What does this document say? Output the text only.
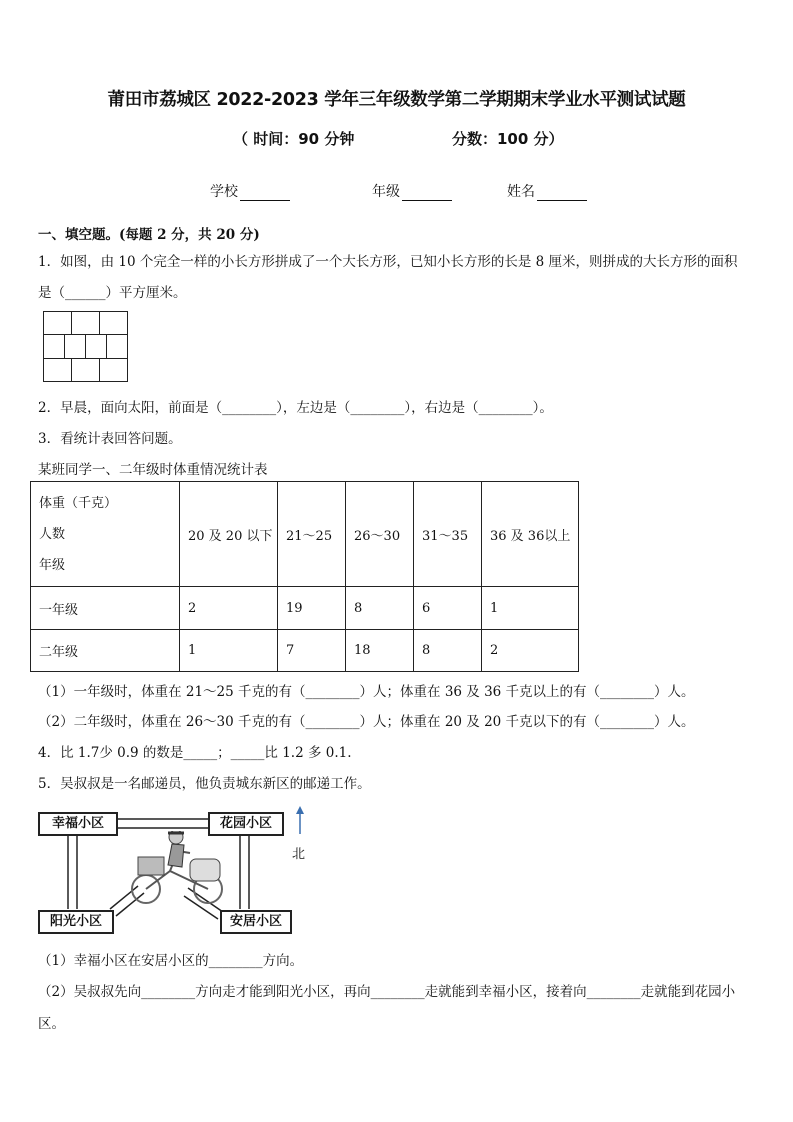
莆田市荔城区 2022-2023 学年三年级数学第二学期期末学业水平测试试题
（ 时间：90 分钟	分数：100 分）
学校	年级	姓名
一、填空题。(每题 2 分，共 20 分)
1．如图，由 10 个完全一样的小长方形拼成了一个大长方形，已知小长方形的长是 8 厘米，则拼成的大长方形的面积
是（______）平方厘米。
2．早晨，面向太阳，前面是（________），左边是（________），右边是（________）。
3．看统计表回答问题。
某班同学一、二年级时体重情况统计表
体重（千克）
人数
年级	20 及 20 以下	21～25	26～30	31～35	36 及 36以上
一年级	2	19	8	6	1
二年级	1	7	18	8	2
（1）一年级时，体重在 21～25 千克的有（________）人；体重在 36 及 36 千克以上的有（________）人。
（2）二年级时，体重在 26～30 千克的有（________）人；体重在 20 及 20 千克以下的有（________）人。
4．比 1.7少 0.9 的数是_____；_____比 1.2 多 0.1.
5．吴叔叔是一名邮递员，他负责城东新区的邮递工作。
幸福小区	花园小区
阳光小区	安居小区
北
（1）幸福小区在安居小区的________方向。
（2）吴叔叔先向________方向走才能到阳光小区，再向________走就能到幸福小区，接着向________走就能到花园小
区。
